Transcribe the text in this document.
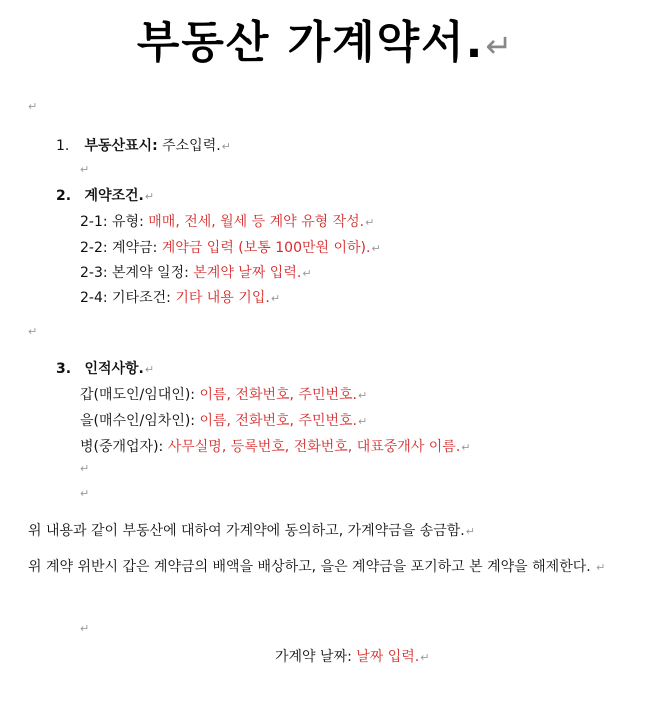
부동산 가계약서.↵
↵
1. 부동산표시: 주소입력.↵
↵
2. 계약조건.↵
2-1: 유형: 매매, 전세, 월세 등 계약 유형 작성.↵
2-2: 계약금: 계약금 입력 (보통 100만원 이하).↵
2-3: 본계약 일정: 본계약 날짜 입력.↵
2-4: 기타조건: 기타 내용 기입.↵
↵
3. 인적사항.↵
갑(매도인/임대인): 이름, 전화번호, 주민번호.↵
을(매수인/임차인): 이름, 전화번호, 주민번호.↵
병(중개업자): 사무실명, 등록번호, 전화번호, 대표중개사 이름.↵
↵
↵
위 내용과 같이 부동산에 대하여 가계약에 동의하고, 가계약금을 송금함.↵
위 계약 위반시 갑은 계약금의 배액을 배상하고, 을은 계약금을 포기하고 본 계약을 해제한다. ↵
↵
가계약 날짜: 날짜 입력.↵
